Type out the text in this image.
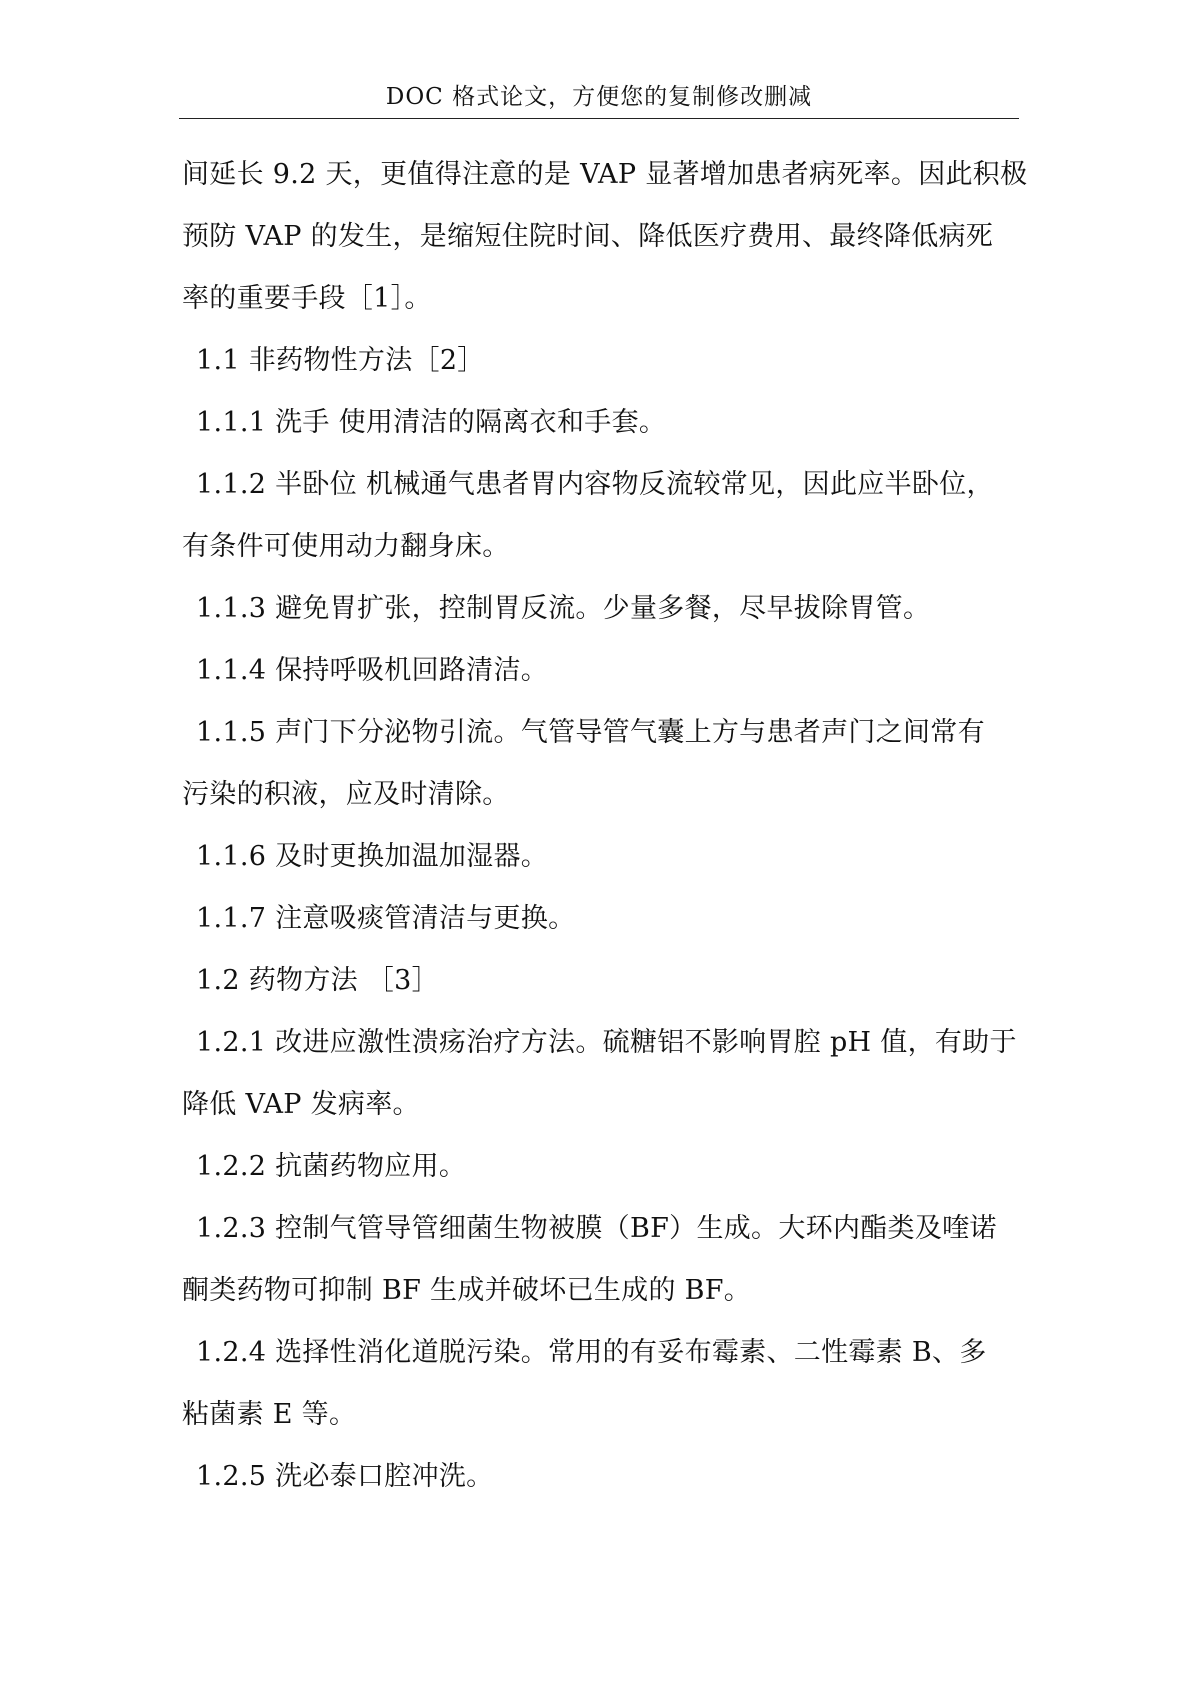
DOC 格式论文，方便您的复制修改删减
间延长 9.2 天，更值得注意的是 VAP 显著增加患者病死率。因此积极
预防 VAP 的发生，是缩短住院时间、降低医疗费用、最终降低病死
率的重要手段［1］。
1.1 非药物性方法［2］
1.1.1 洗手 使用清洁的隔离衣和手套。
1.1.2 半卧位 机械通气患者胃内容物反流较常见，因此应半卧位，
有条件可使用动力翻身床。
1.1.3 避免胃扩张，控制胃反流。少量多餐，尽早拔除胃管。
1.1.4 保持呼吸机回路清洁。
1.1.5 声门下分泌物引流。气管导管气囊上方与患者声门之间常有
污染的积液，应及时清除。
1.1.6 及时更换加温加湿器。
1.1.7 注意吸痰管清洁与更换。
1.2 药物方法 ［3］
1.2.1 改进应激性溃疡治疗方法。硫糖铝不影响胃腔 pH 值，有助于
降低 VAP 发病率。
1.2.2 抗菌药物应用。
1.2.3 控制气管导管细菌生物被膜（BF）生成。大环内酯类及喹诺
酮类药物可抑制 BF 生成并破坏已生成的 BF。
1.2.4 选择性消化道脱污染。常用的有妥布霉素、二性霉素 B、多
粘菌素 E 等。
1.2.5 洗必泰口腔冲洗。
